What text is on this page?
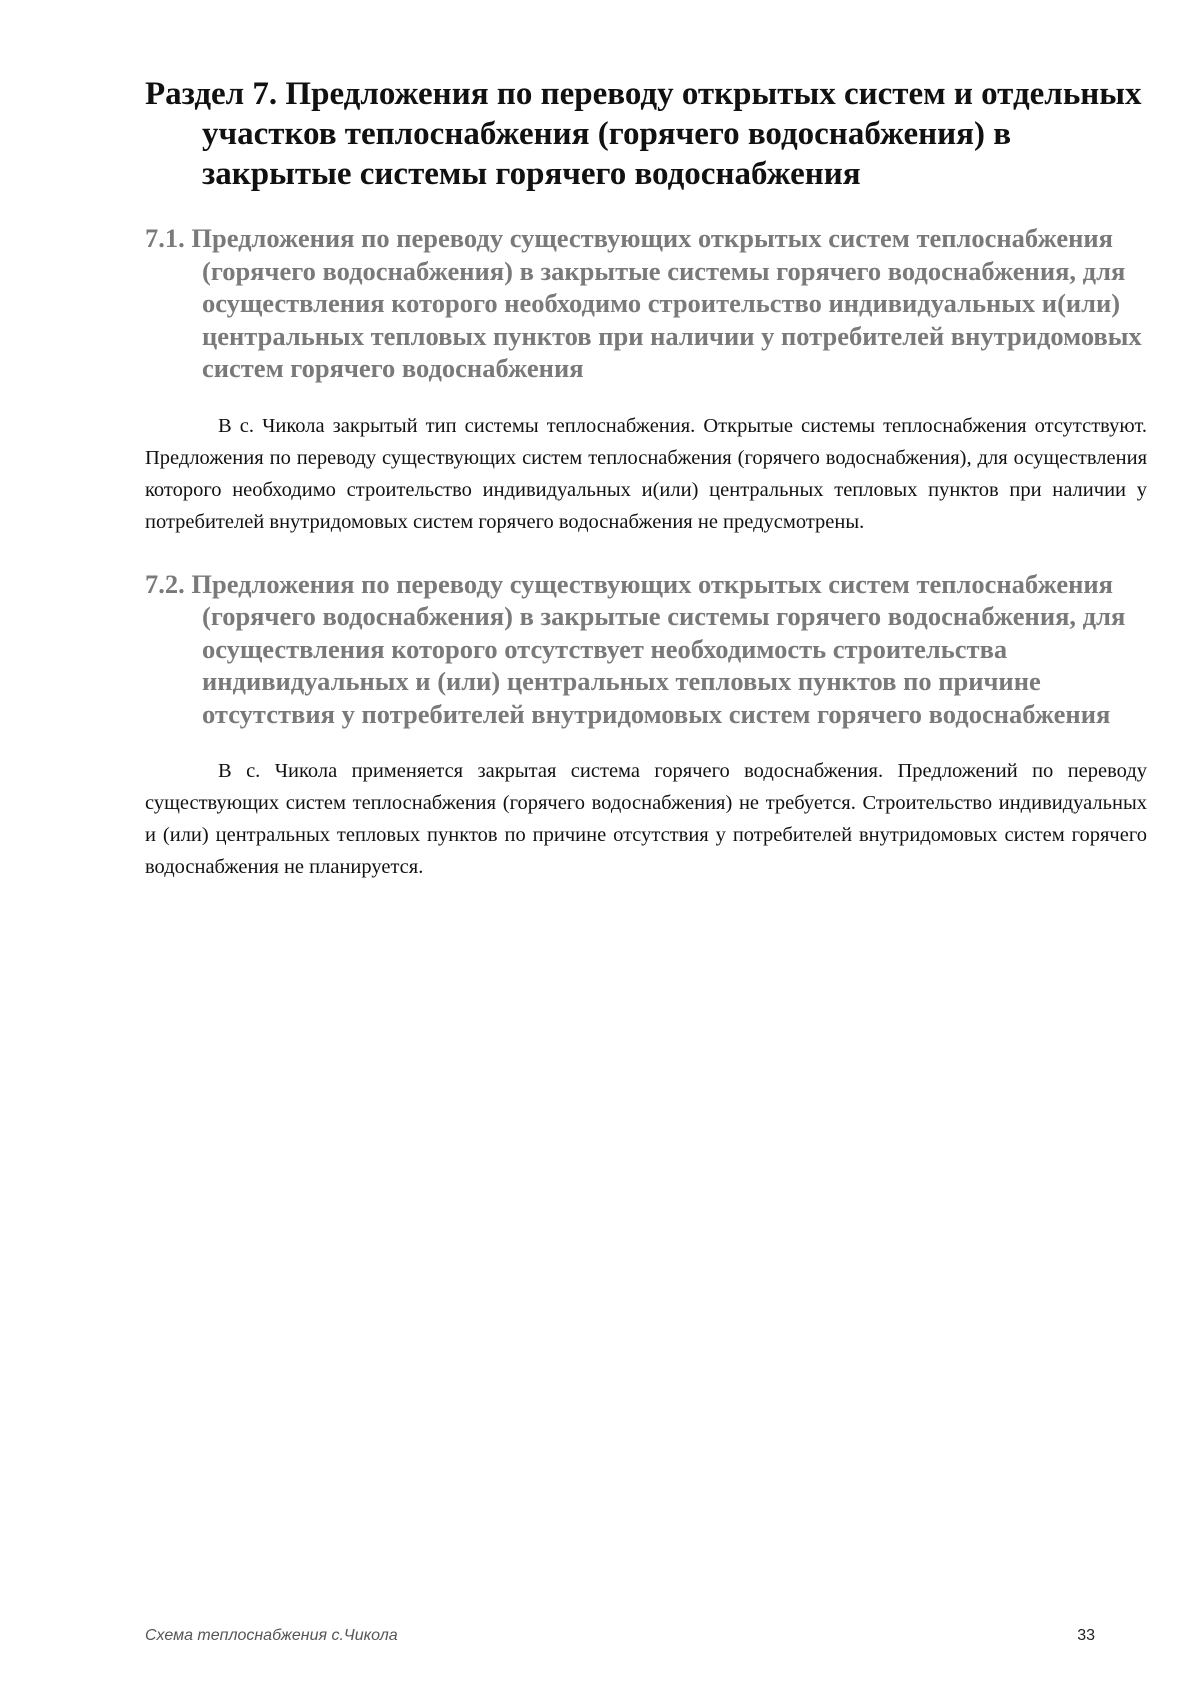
Раздел 7. Предложения по переводу открытых систем и отдельных участков теплоснабжения (горячего водоснабжения) в закрытые системы горячего водоснабжения
7.1. Предложения по переводу существующих открытых систем теплоснабжения (горячего водоснабжения) в закрытые системы горячего водоснабжения, для осуществления которого необходимо строительство индивидуальных и(или) центральных тепловых пунктов при наличии у потребителей внутридомовых систем горячего водоснабжения

В с. Чикола закрытый тип системы теплоснабжения. Открытые системы теплоснабжения отсутствуют. Предложения по переводу существующих систем теплоснабжения (горячего водоснабжения), для осуществления которого необходимо строительство индивидуальных и(или) центральных тепловых пунктов при наличии у потребителей внутридомовых систем горячего водоснабжения не предусмотрены.

7.2. Предложения по переводу существующих открытых систем теплоснабжения (горячего водоснабжения) в закрытые системы горячего водоснабжения, для осуществления которого отсутствует необходимость строительства индивидуальных и (или) центральных тепловых пунктов по причине отсутствия у потребителей внутридомовых систем горячего водоснабжения

В с. Чикола применяется закрытая система горячего водоснабжения. Предложений по переводу существующих систем теплоснабжения (горячего водоснабжения) не требуется. Строительство индивидуальных и (или) центральных тепловых пунктов по причине отсутствия у потребителей внутридомовых систем горячего водоснабжения не планируется.

Схема теплоснабжения с.Чикола	33
